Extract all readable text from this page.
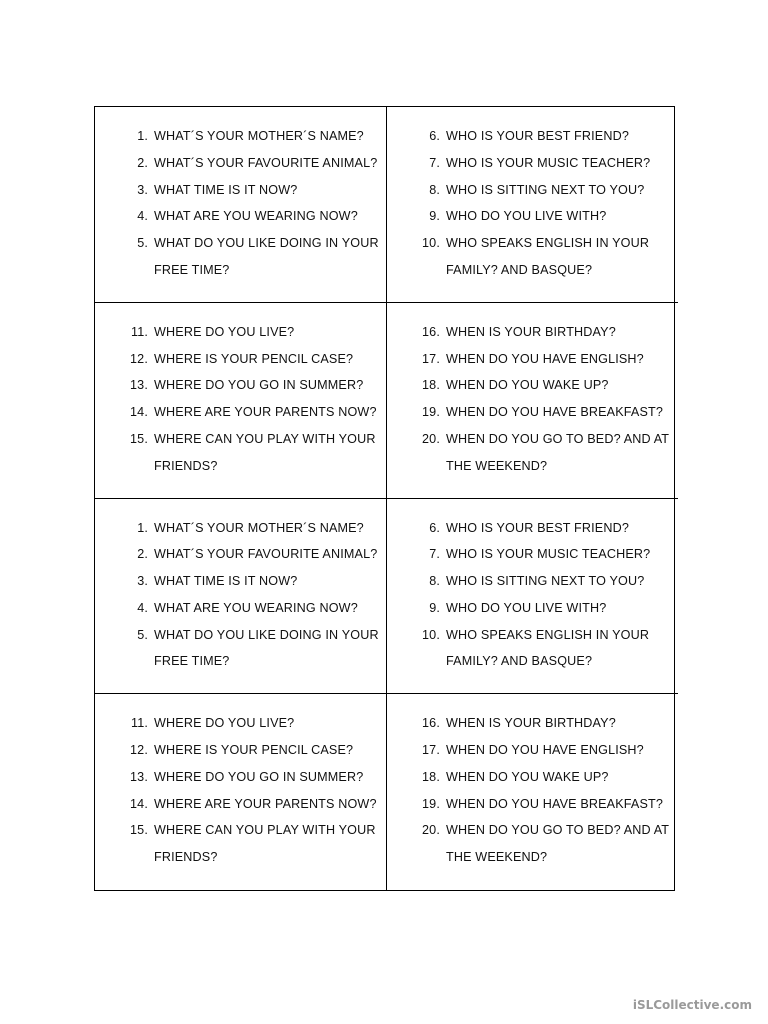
1. WHAT´S YOUR MOTHER´S NAME?
2. WHAT´S YOUR FAVOURITE ANIMAL?
3. WHAT TIME IS IT NOW?
4. WHAT ARE YOU WEARING NOW?
5. WHAT DO YOU LIKE DOING IN YOUR FREE TIME?
6. WHO IS YOUR BEST FRIEND?
7. WHO IS YOUR MUSIC TEACHER?
8. WHO IS SITTING NEXT TO YOU?
9. WHO DO YOU LIVE WITH?
10. WHO SPEAKS ENGLISH IN YOUR FAMILY? AND BASQUE?
11. WHERE DO YOU LIVE?
12. WHERE IS YOUR PENCIL CASE?
13. WHERE DO YOU GO IN SUMMER?
14. WHERE ARE YOUR PARENTS NOW?
15. WHERE CAN YOU PLAY WITH YOUR FRIENDS?
16. WHEN IS YOUR BIRTHDAY?
17. WHEN DO YOU HAVE ENGLISH?
18. WHEN DO YOU WAKE UP?
19. WHEN DO YOU HAVE BREAKFAST?
20. WHEN DO YOU GO TO BED? AND AT THE WEEKEND?
1. WHAT´S YOUR MOTHER´S NAME?
2. WHAT´S YOUR FAVOURITE ANIMAL?
3. WHAT TIME IS IT NOW?
4. WHAT ARE YOU WEARING NOW?
5. WHAT DO YOU LIKE DOING IN YOUR FREE TIME?
6. WHO IS YOUR BEST FRIEND?
7. WHO IS YOUR MUSIC TEACHER?
8. WHO IS SITTING NEXT TO YOU?
9. WHO DO YOU LIVE WITH?
10. WHO SPEAKS ENGLISH IN YOUR FAMILY? AND BASQUE?
11. WHERE DO YOU LIVE?
12. WHERE IS YOUR PENCIL CASE?
13. WHERE DO YOU GO IN SUMMER?
14. WHERE ARE YOUR PARENTS NOW?
15. WHERE CAN YOU PLAY WITH YOUR FRIENDS?
16. WHEN IS YOUR BIRTHDAY?
17. WHEN DO YOU HAVE ENGLISH?
18. WHEN DO YOU WAKE UP?
19. WHEN DO YOU HAVE BREAKFAST?
20. WHEN DO YOU GO TO BED? AND AT THE WEEKEND?
iSLCollective.com
